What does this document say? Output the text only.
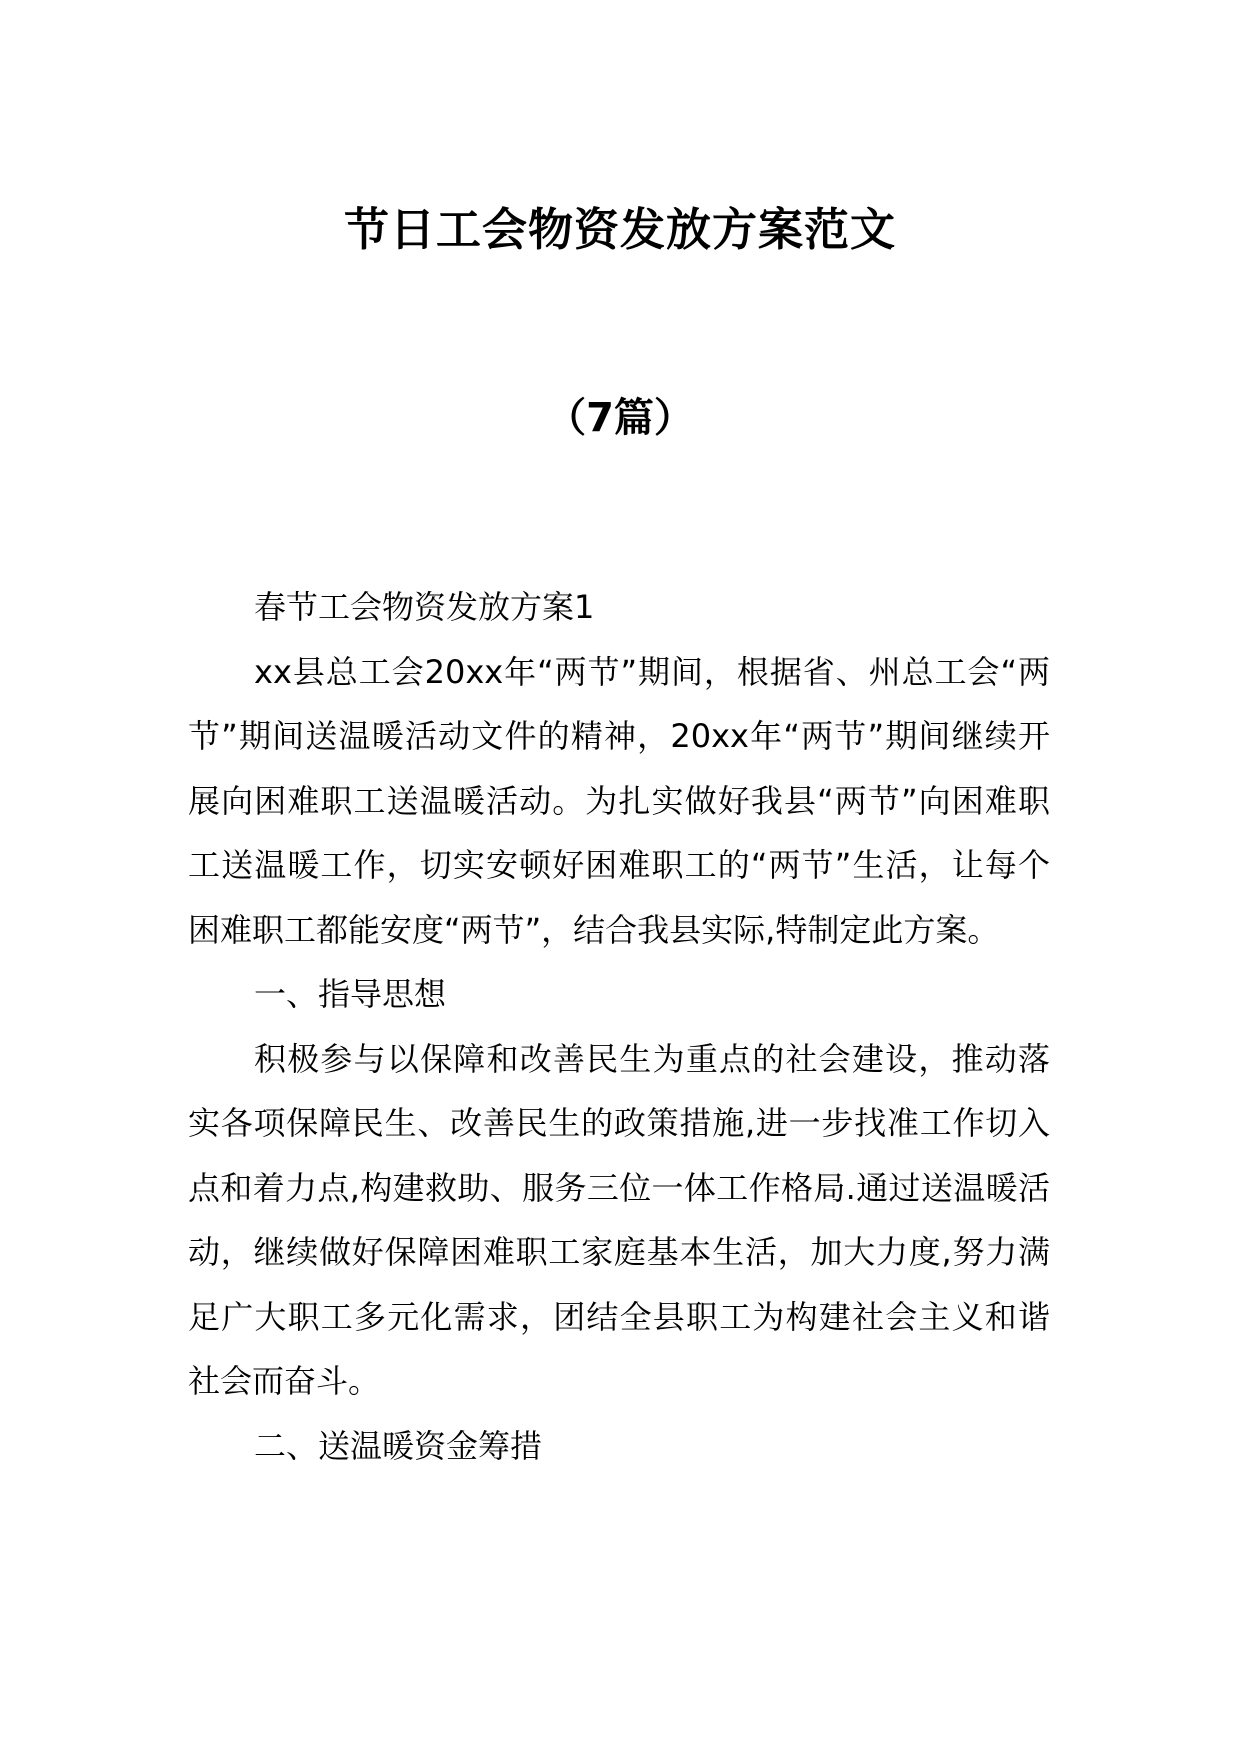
节日工会物资发放方案范文
（7篇）

春节工会物资发放方案1

xx县总工会20xx年“两节”期间，根据省、州总工会“两节”期间送温暖活动文件的精神，20xx年“两节”期间继续开展向困难职工送温暖活动。为扎实做好我县“两节”向困难职工送温暖工作，切实安顿好困难职工的“两节”生活，让每个困难职工都能安度“两节”，结合我县实际,特制定此方案。

一、指导思想

积极参与以保障和改善民生为重点的社会建设，推动落实各项保障民生、改善民生的政策措施,进一步找准工作切入点和着力点,构建救助、服务三位一体工作格局.通过送温暖活动，继续做好保障困难职工家庭基本生活，加大力度,努力满足广大职工多元化需求，团结全县职工为构建社会主义和谐社会而奋斗。

二、送温暖资金筹措
